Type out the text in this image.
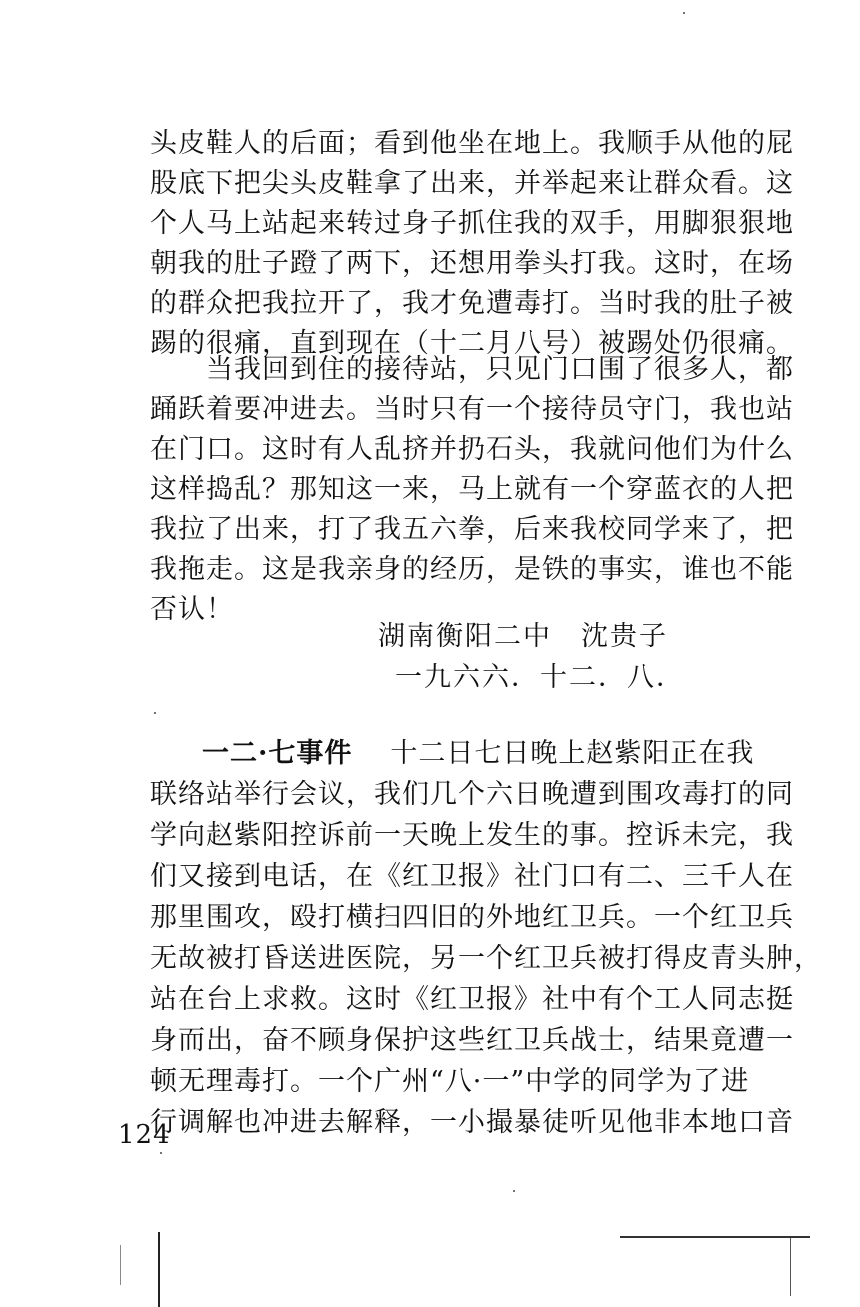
头皮鞋人的后面；看到他坐在地上。我顺手从他的屁
股底下把尖头皮鞋拿了出来，并举起来让群众看。这
个人马上站起来转过身子抓住我的双手，用脚狠狠地
朝我的肚子蹬了两下，还想用拳头打我。这时，在场
的群众把我拉开了，我才免遭毒打。当时我的肚子被
踢的很痛，直到现在（十二月八号）被踢处仍很痛。
当我回到住的接待站，只见门口围了很多人，都
踊跃着要冲进去。当时只有一个接待员守门，我也站
在门口。这时有人乱挤并扔石头，我就问他们为什么
这样捣乱？那知这一来，马上就有一个穿蓝衣的人把
我拉了出来，打了我五六拳，后来我校同学来了，把
我拖走。这是我亲身的经历，是铁的事实，谁也不能
否认！
湖南衡阳二中　沈贵子
一九六六．十二．八．
一二·七事件 十二日七日晚上赵紫阳正在我
联络站举行会议，我们几个六日晚遭到围攻毒打的同
学向赵紫阳控诉前一天晚上发生的事。控诉未完，我
们又接到电话，在《红卫报》社门口有二、三千人在
那里围攻，殴打横扫四旧的外地红卫兵。一个红卫兵
无故被打昏送进医院，另一个红卫兵被打得皮青头肿，
站在台上求救。这时《红卫报》社中有个工人同志挺
身而出，奋不顾身保护这些红卫兵战士，结果竟遭一
顿无理毒打。一个广州“八·一”中学的同学为了进
行调解也冲进去解释，一小撮暴徒听见他非本地口音
124
